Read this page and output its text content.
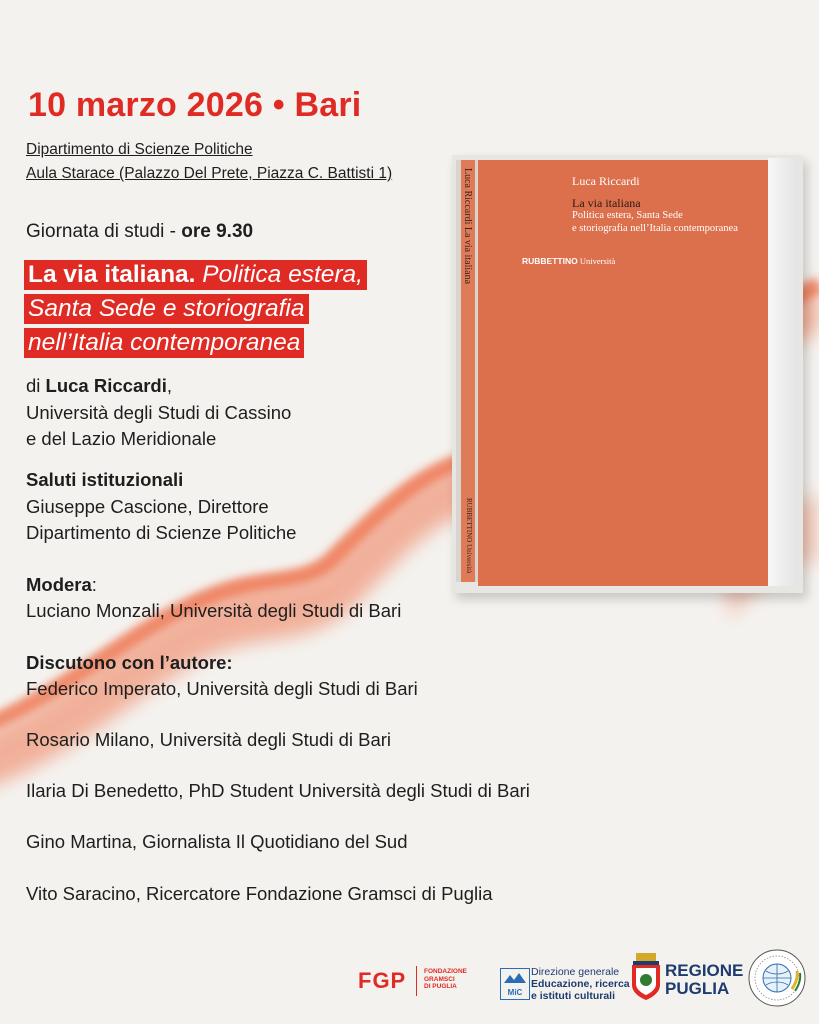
10 marzo 2026 • Bari
Dipartimento di Scienze Politiche
Aula Starace (Palazzo Del Prete, Piazza C. Battisti 1)
Giornata di studi - ore 9.30
La via italiana. Politica estera,
Santa Sede e storiografia
nell’Italia contemporanea
di Luca Riccardi,
Università degli Studi di Cassino
e del Lazio Meridionale
Saluti istituzionali
Giuseppe Cascione, Direttore
Dipartimento di Scienze Politiche
Modera:
Luciano Monzali, Università degli Studi di Bari
Discutono con l’autore:
Federico Imperato, Università degli Studi di Bari
Rosario Milano, Università degli Studi di Bari
Ilaria Di Benedetto, PhD Student Università degli Studi di Bari
Gino Martina, Giornalista Il Quotidiano del Sud
Vito Saracino, Ricercatore Fondazione Gramsci di Puglia
Luca Riccardi La via italiana
RUBBETTINO Università
Luca Riccardi
La via italiana
Politica estera, Santa Sede
e storiografia nell’Italia contemporanea
RUBBETTINO Università
FGP	FONDAZIONE
GRAMSCI
DI PUGLIA
MiC
Direzione generale
Educazione, ricerca
e istituti culturali
REGIONE
PUGLIA
